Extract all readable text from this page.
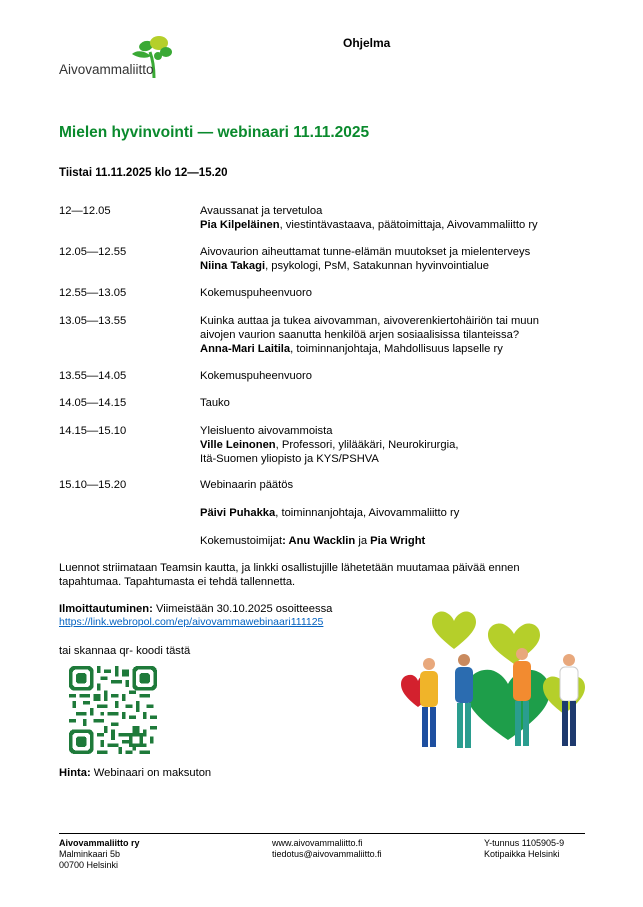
Aivovammaliitto
Ohjelma
Mielen hyvinvointi — webinaari 11.11.2025
Tiistai 11.11.2025 klo 12—15.20
12—12.05	Avaussanat ja tervetuloa
Pia Kilpeläinen, viestintävastaava, päätoimittaja, Aivovammaliitto ry
12.05—12.55	Aivovaurion aiheuttamat tunne-elämän muutokset ja mielenterveys
Niina Takagi, psykologi, PsM, Satakunnan hyvinvointialue
12.55—13.05	Kokemuspuheenvuoro
13.05—13.55	Kuinka auttaa ja tukea aivovamman, aivoverenkiertohäiriön tai muun
aivojen vaurion saanutta henkilöä arjen sosiaalisissa tilanteissa?
Anna-Mari Laitila, toiminnanjohtaja, Mahdollisuus lapselle ry
13.55—14.05	Kokemuspuheenvuoro
14.05—14.15	Tauko
14.15—15.10	Yleisluento aivovammoista
Ville Leinonen, Professori, ylilääkäri, Neurokirurgia,
Itä-Suomen yliopisto ja KYS/PSHVA
15.10—15.20	Webinaarin päätös
Päivi Puhakka, toiminnanjohtaja, Aivovammaliitto ry
Kokemustoimijat: Anu Wacklin ja Pia Wright
Luennot striimataan Teamsin kautta, ja linkki osallistujille lähetetään muutamaa päivää ennen
tapahtumaa. Tapahtumasta ei tehdä tallennetta.
Ilmoittautuminen: Viimeistään 30.10.2025 osoitteessa
https://link.webropol.com/ep/aivovammawebinaari111125
tai skannaa qr- koodi tästä
Hinta: Webinaari on maksuton
Aivovammaliitto ry
Malminkaari 5b
00700 Helsinki
www.aivovammaliitto.fi
tiedotus@aivovammaliitto.fi
Y-tunnus 1105905-9
Kotipaikka Helsinki
